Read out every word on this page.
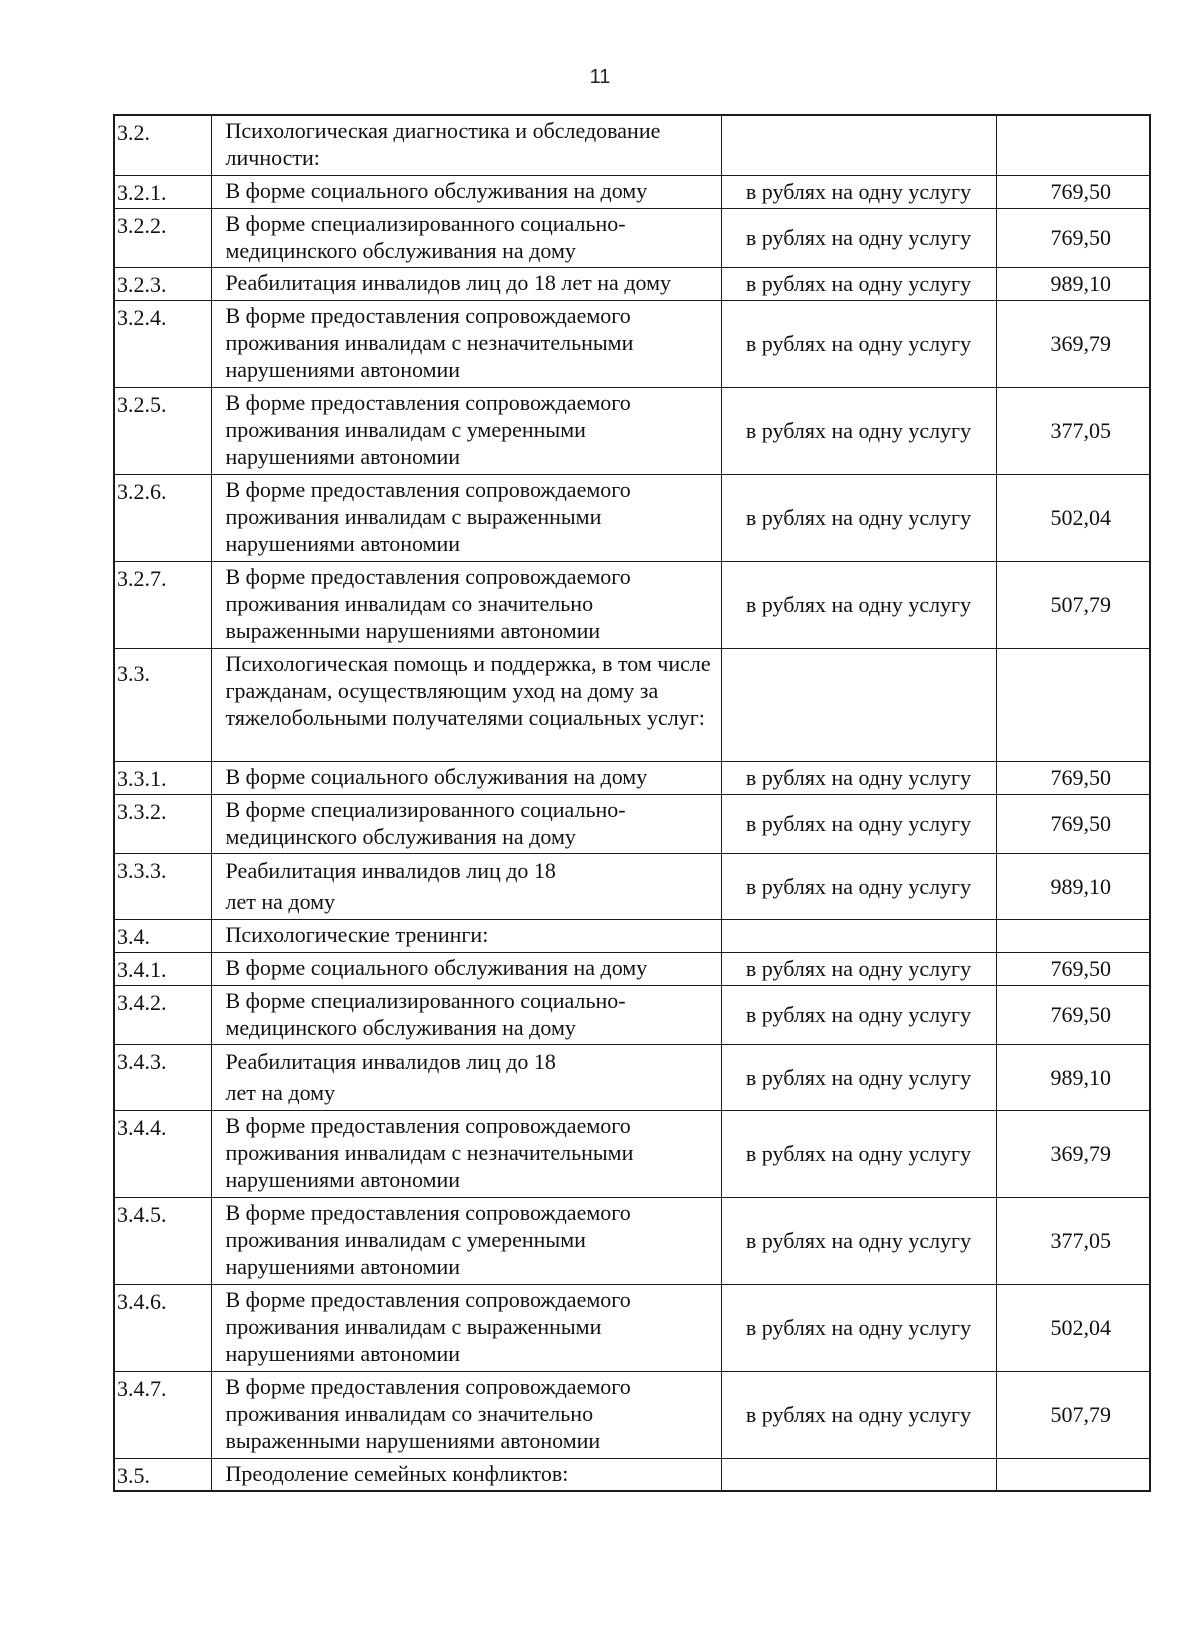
11
3.2.	Психологическая диагностика и обследование личности:		
3.2.1.	В форме социального обслуживания на дому	в рублях на одну услугу	769,50
3.2.2.	В форме специализированного социально-медицинского обслуживания на дому	в рублях на одну услугу	769,50
3.2.3.	Реабилитация инвалидов лиц до 18 лет на дому	в рублях на одну услугу	989,10
3.2.4.	В форме предоставления сопровождаемого проживания инвалидам с незначительными нарушениями автономии	в рублях на одну услугу	369,79
3.2.5.	В форме предоставления сопровождаемого проживания инвалидам с умеренными нарушениями автономии	в рублях на одну услугу	377,05
3.2.6.	В форме предоставления сопровождаемого проживания инвалидам с выраженными нарушениями автономии	в рублях на одну услугу	502,04
3.2.7.	В форме предоставления сопровождаемого проживания инвалидам со значительно выраженными нарушениями автономии	в рублях на одну услугу	507,79
3.3.	Психологическая помощь и поддержка, в том числе гражданам, осуществляющим уход на дому за тяжелобольными получателями социальных услуг:		
3.3.1.	В форме социального обслуживания на дому	в рублях на одну услугу	769,50
3.3.2.	В форме специализированного социально-медицинского обслуживания на дому	в рублях на одну услугу	769,50
3.3.3.	Реабилитация инвалидов лиц до 18 лет на дому	в рублях на одну услугу	989,10
3.4.	Психологические тренинги:		
3.4.1.	В форме социального обслуживания на дому	в рублях на одну услугу	769,50
3.4.2.	В форме специализированного социально-медицинского обслуживания на дому	в рублях на одну услугу	769,50
3.4.3.	Реабилитация инвалидов лиц до 18 лет на дому	в рублях на одну услугу	989,10
3.4.4.	В форме предоставления сопровождаемого проживания инвалидам с незначительными нарушениями автономии	в рублях на одну услугу	369,79
3.4.5.	В форме предоставления сопровождаемого проживания инвалидам с умеренными нарушениями автономии	в рублях на одну услугу	377,05
3.4.6.	В форме предоставления сопровождаемого проживания инвалидам с выраженными нарушениями автономии	в рублях на одну услугу	502,04
3.4.7.	В форме предоставления сопровождаемого проживания инвалидам со значительно выраженными нарушениями автономии	в рублях на одну услугу	507,79
3.5.	Преодоление семейных конфликтов:		
